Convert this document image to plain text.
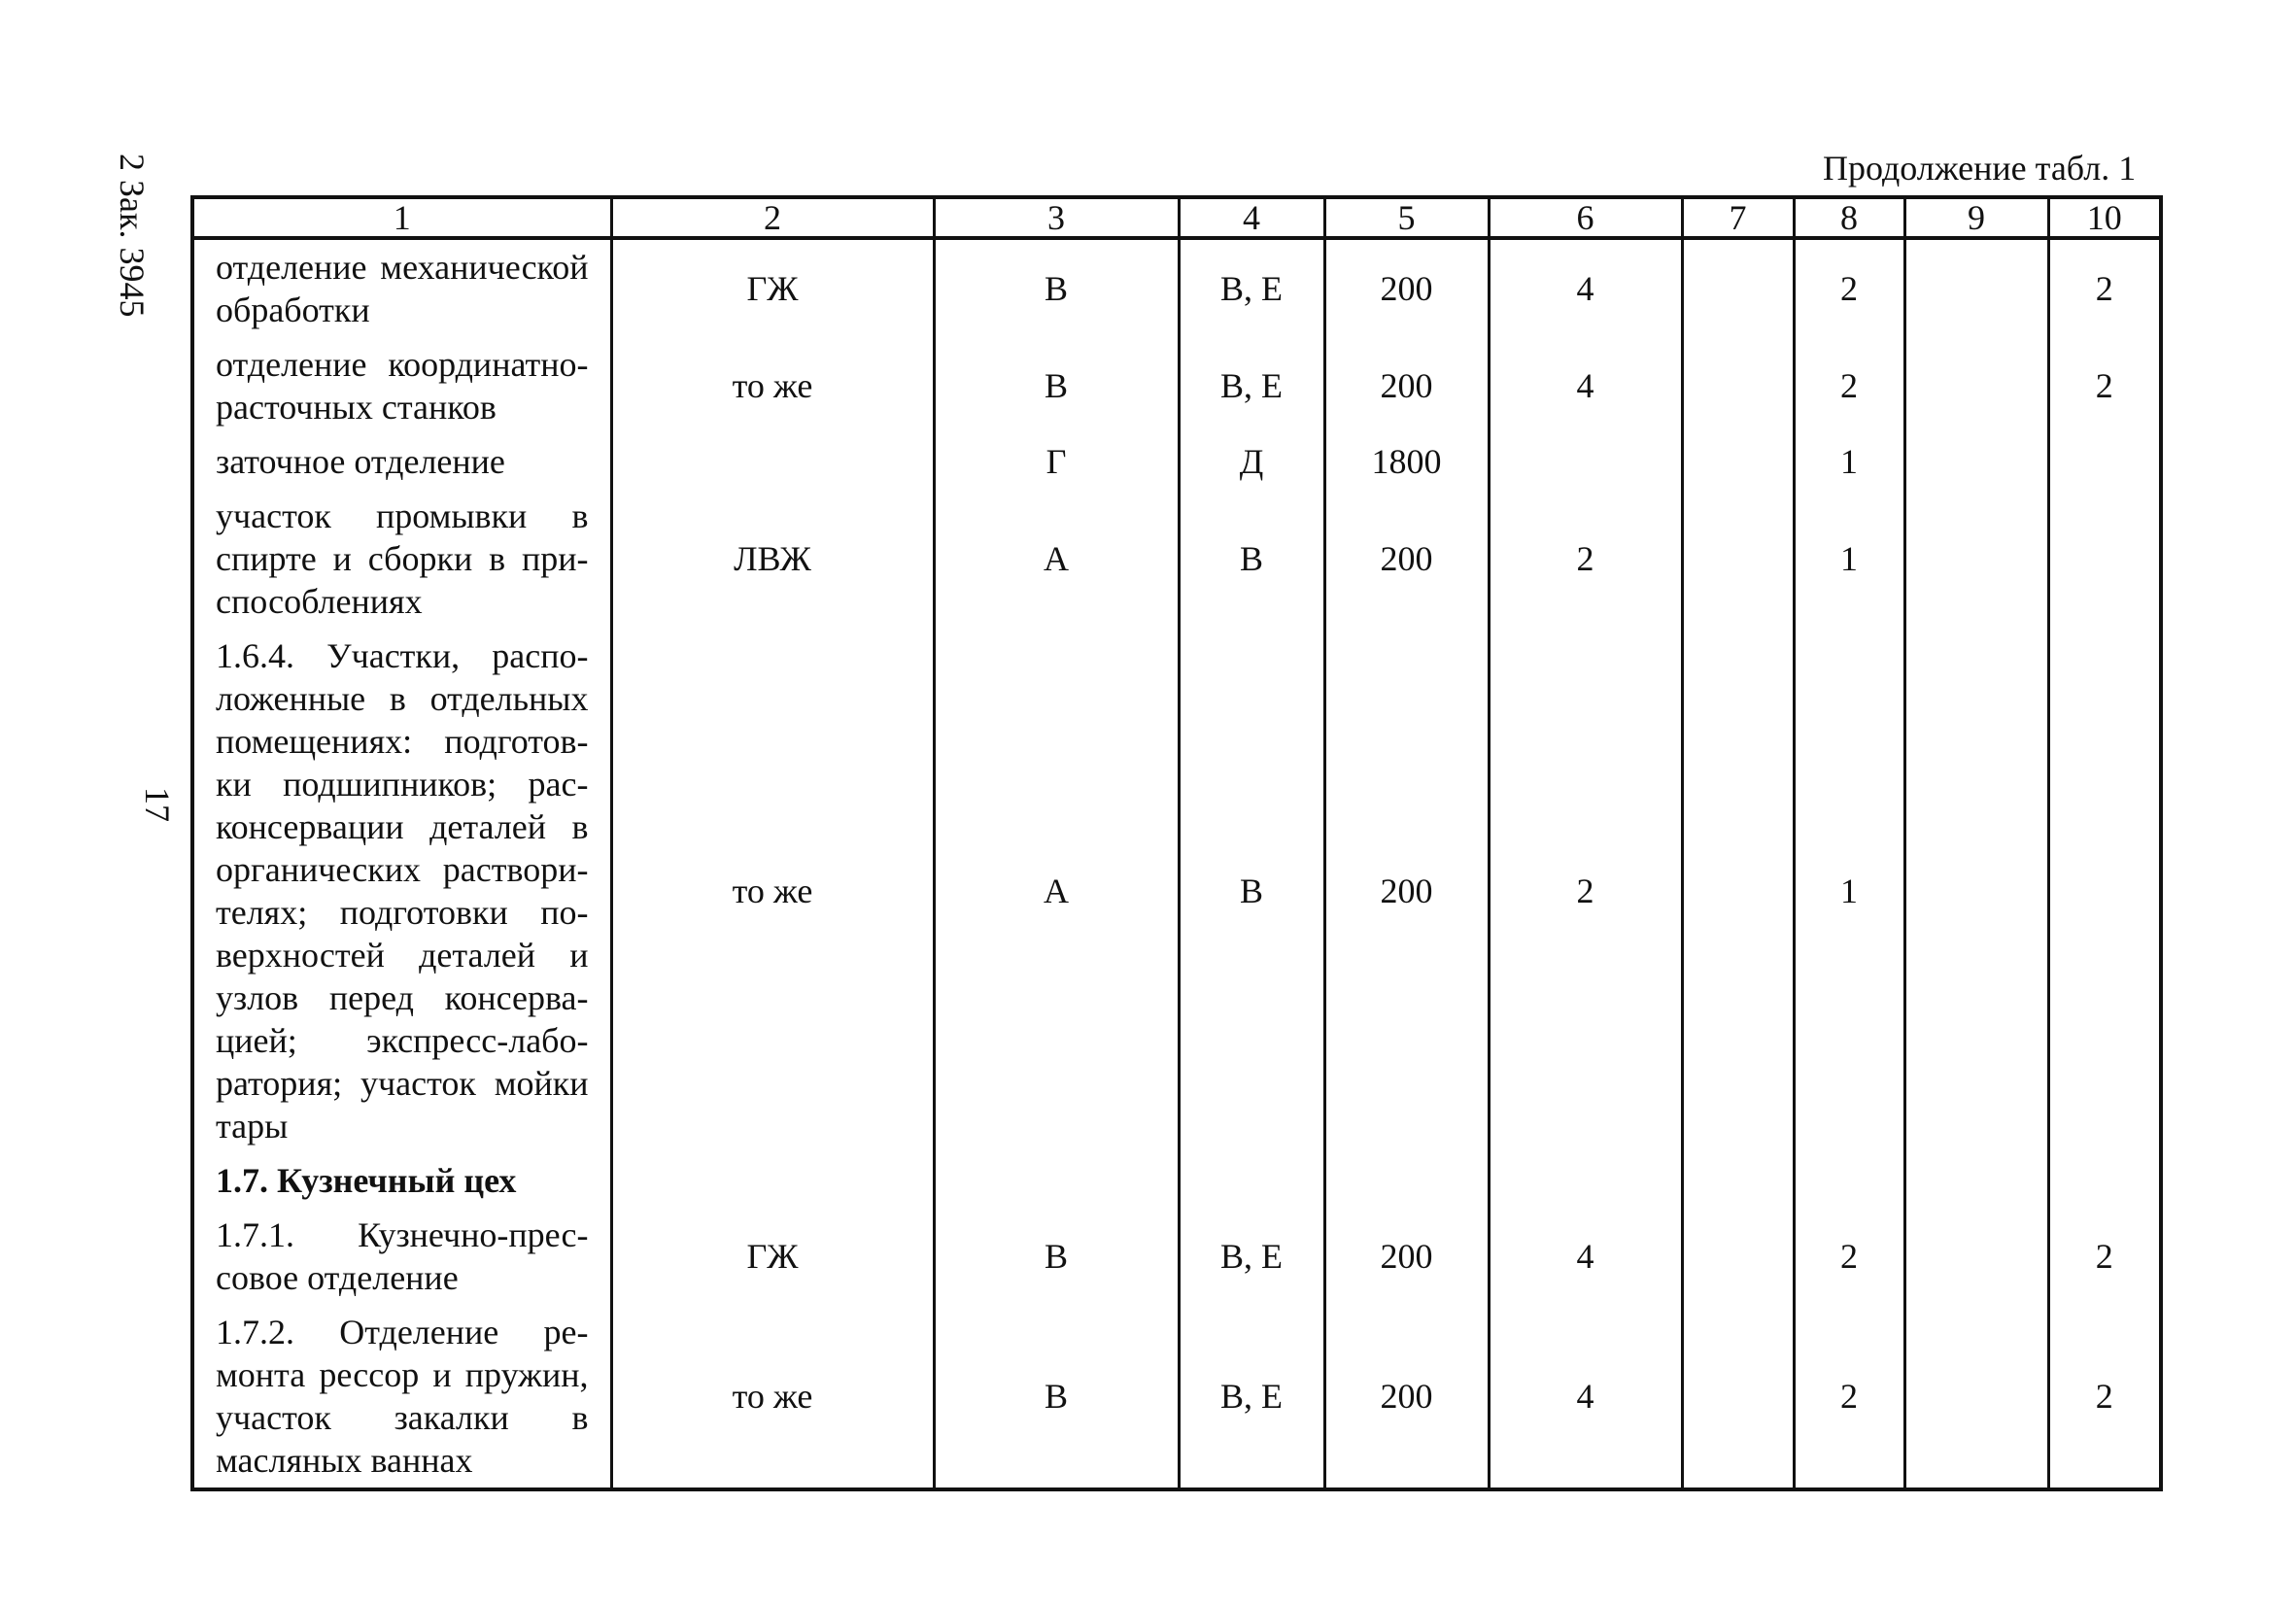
2 Зак. 3945
17
Продолжение табл. 1
1	2	3	4	5	6	7	8	9	10
отделение механической обработки	ГЖ	В	В, Е	200	4		2		2
отделение координатно-расточных станков	то же	В	В, Е	200	4		2		2
заточное отделение		Г	Д	1800			1		
участок промывки в спирте и сборки в приспособлениях	ЛВЖ	А	В	200	2		1		
1.6.4. Участки, расположенные в отдельных помещениях: подготовки подшипников; расконсервации деталей в органических растворителях; подготовки поверхностей деталей и узлов перед консервацией; экспресс-лаборатория; участок мойки тары	то же	А	В	200	2		1		
1.7. Кузнечный цех									
1.7.1. Кузнечно-прессовое отделение	ГЖ	В	В, Е	200	4		2		2
1.7.2. Отделение ремонта рессор и пружин, участок закалки в масляных ваннах	то же	В	В, Е	200	4		2		2
